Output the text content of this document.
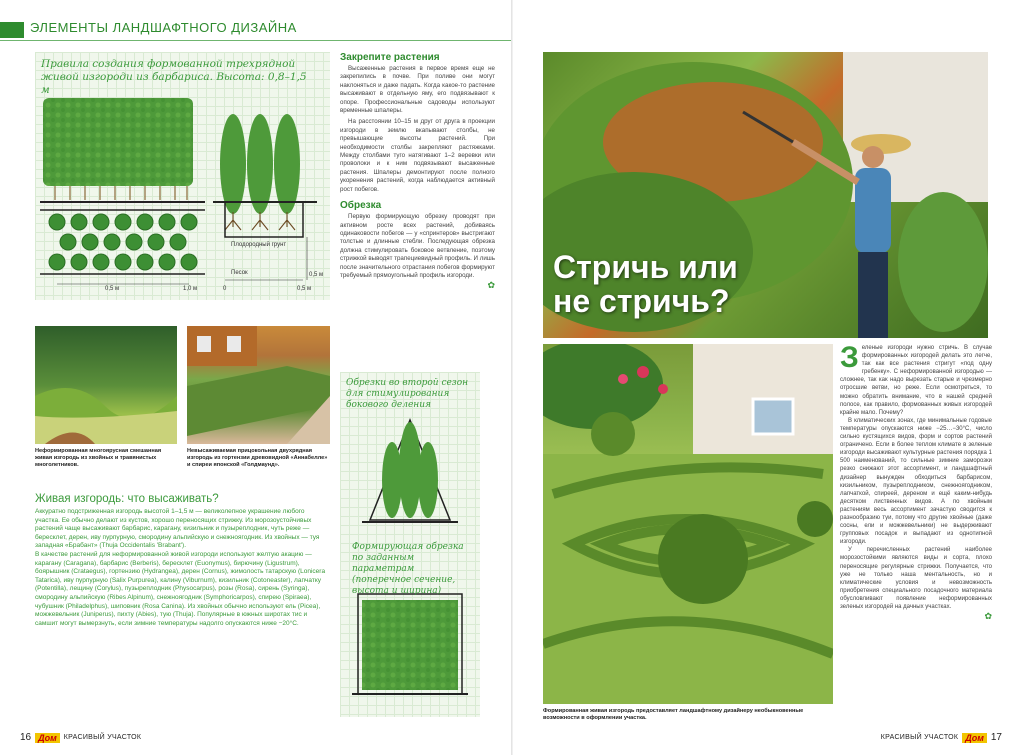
ЭЛЕМЕНТЫ ЛАНДШАФТНОГО ДИЗАЙНА
Правила создания формованной трехрядной живой изгороди из барбариса. Высота: 0,8–1,5 м
Плодородный грунт
Песок
0,5 м	1,0 м	0	0,5 м
0,5 м
Закрепите растения
Высаженные растения в первое время еще не закрепились в почве. При поливе они могут наклоняться и даже падать. Когда какое-то растение высаживают в отдельную яму, его подвязывают к опоре. Профессиональные садоводы используют временные шпалеры.
На расстоянии 10–15 м друг от друга в проекции изгороди в землю вкапывают столбы, не превышающие высоты растений. При необходимости столбы закрепляют растяжками. Между столбами туго натягивают 1–2 веревки или проволоки и к ним подвязывают высаженные растения. Шпалеры демонтируют после полного укоренения растений, когда наблюдается активный рост побегов.
Обрезка
Первую формирующую обрезку проводят при активном росте всех растений, добиваясь одинаковости побегов — у «спринтеров» выстригают толстые и длинные стебли. Последующая обрезка должна стимулировать боковое ветвление, поэтому стрижкой выводят трапециевидный профиль. И лишь после значительного отрастания побегов формируют требуемый прямоугольный профиль изгороди.
✿
Неформированная многоярусная смешанная живая изгородь из хвойных и травянистых многолетников.
Невысаживаемая прицокольная двухрядная изгородь из гортензии древовидной «Аннабелле» и спиреи японской «Голдмаунд».
Живая изгородь: что высаживать?
Аккуратно подстриженная изгородь высотой 1–1,5 м — великолепное украшение любого участка. Ее обычно делают из кустов, хорошо переносящих стрижку. Из морозоустойчивых растений чаще высаживают барбарис, карагану, кизильник и пузыреплодник, чуть реже — бересклет, дерен, иву пурпурную, смородину альпийскую и снежноягодник. Из хвойных — туя западная «Брабант» (Thuja Occidentalis 'Brabant').
В качестве растений для неформированной живой изгороди используют желтую акацию — карагану (Caragana), барбарис (Berberis), бересклет (Euonymus), бирючину (Ligustrum), боярышник (Crataegus), гортензию (Hydrangea), дерен (Cornus), жимолость татарскую (Lonicera Tatarica), иву пурпурную (Salix Purpurea), калину (Viburnum), кизильник (Cotoneaster), лапчатку (Potentilla), лещину (Corylus), пузыреплодник (Physocarpus), розы (Rosa), сирень (Syringa), смородину альпийскую (Ribes Alpinum), снежноягодник (Symphoricarpos), спирею (Spiraea), чубушник (Philadelphus), шиповник (Rosa Canina). Из хвойных обычно используют ель (Picea), можжевельник (Juniperus), пихту (Abies), тую (Thuja). Популярные в южных широтах тис и самшит могут вымерзнуть, если зимние температуры надолго опускаются ниже −20°С.
Обрезки во второй сезон для стимулирования бокового деления
Формирующая обрезка по заданным параметрам (поперечное сечение, высота и ширина)
16 Дом	КРАСИВЫЙ УЧАСТОК
Стричь или
не стричь?
Формированная живая изгородь предоставляет ландшафтному дизайнеру необыкновенные возможности в оформлении участка.
Зеленые изгороди нужно стричь. В случае формированных изгородей делать это легче, так как все растения стригут «под одну гребенку». С неформированной изгородью — сложнее, так как надо вырезать старые и чрезмерно отросшие ветви, но реже. Если осмотреться, то можно обратить внимание, что в нашей средней полосе, как правило, формованных живых изгородей крайне мало. Почему?
В климатических зонах, где минимальные годовые температуры опускаются ниже −25…−30°С, число сильно кустящихся видов, форм и сортов растений ограничено. Если в более теплом климате в зеленые изгороди высаживают культурные растения порядка 1 500 наименований, то сильные зимние заморозки резко снижают этот ассортимент, и ландшафтный дизайнер вынужден обходиться барбарисом, кизильником, пузыреплодником, снежноягодником, лапчаткой, спиреей, дереном и ещё каким-нибудь десятком лиственных видов. А по хвойным растениям весь ассортимент зачастую сводится к разнообразию туи, потому что другие хвойные (даже сосны, ели и можжевельники) не выдерживают групповых посадок и выпадают из однотипной изгороди.
У перечисленных растений наиболее морозостойкими являются виды и сорта, плохо переносящие регулярные стрижки. Получается, что уже не только наша ментальность, но и климатические условия и невозможность приобретения специального посадочного материала обусловливают появление неформированных зеленых изгородей на дачных участках.
✿
КРАСИВЫЙ УЧАСТОК Дом 17
